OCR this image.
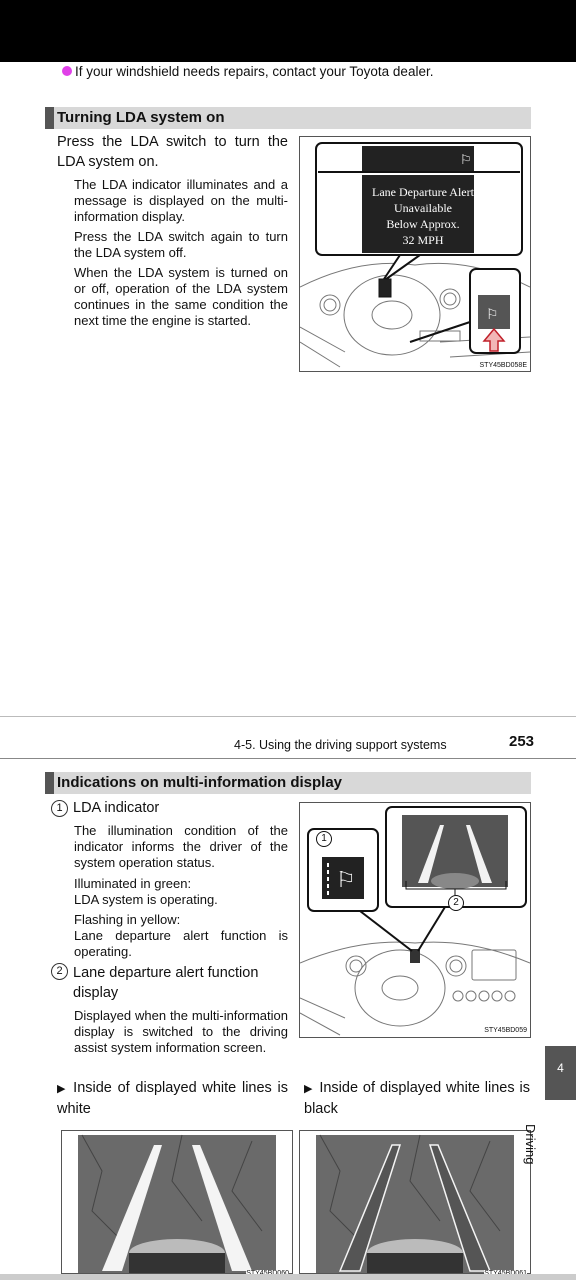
If your windshield needs repairs, contact your Toyota dealer.
Turning LDA system on
Press the LDA switch to turn the LDA system on.
The LDA indicator illuminates and a message is displayed on the multi-information display.
Press the LDA switch again to turn the LDA system off.
When the LDA system is turned on or off, operation of the LDA system continues in the same condition the next time the engine is started.
⚐
⚐
Lane Departure Alert
Unavailable
Below Approx.
32 MPH
STY45BD058E
4-5. Using the driving support systems	253
Indications on multi-information display
1 LDA indicator
The illumination condition of the indicator informs the driver of the system operation status.
Illuminated in green:
LDA system is operating.
Flashing in yellow:
Lane departure alert function is operating.
2 Lane departure alert function display
Displayed when the multi-information display is switched to the driving assist system information screen.
⚐
1
2
STY45BD059
▶ Inside of displayed white lines is white
▶ Inside of displayed white lines is black
4
Driving
